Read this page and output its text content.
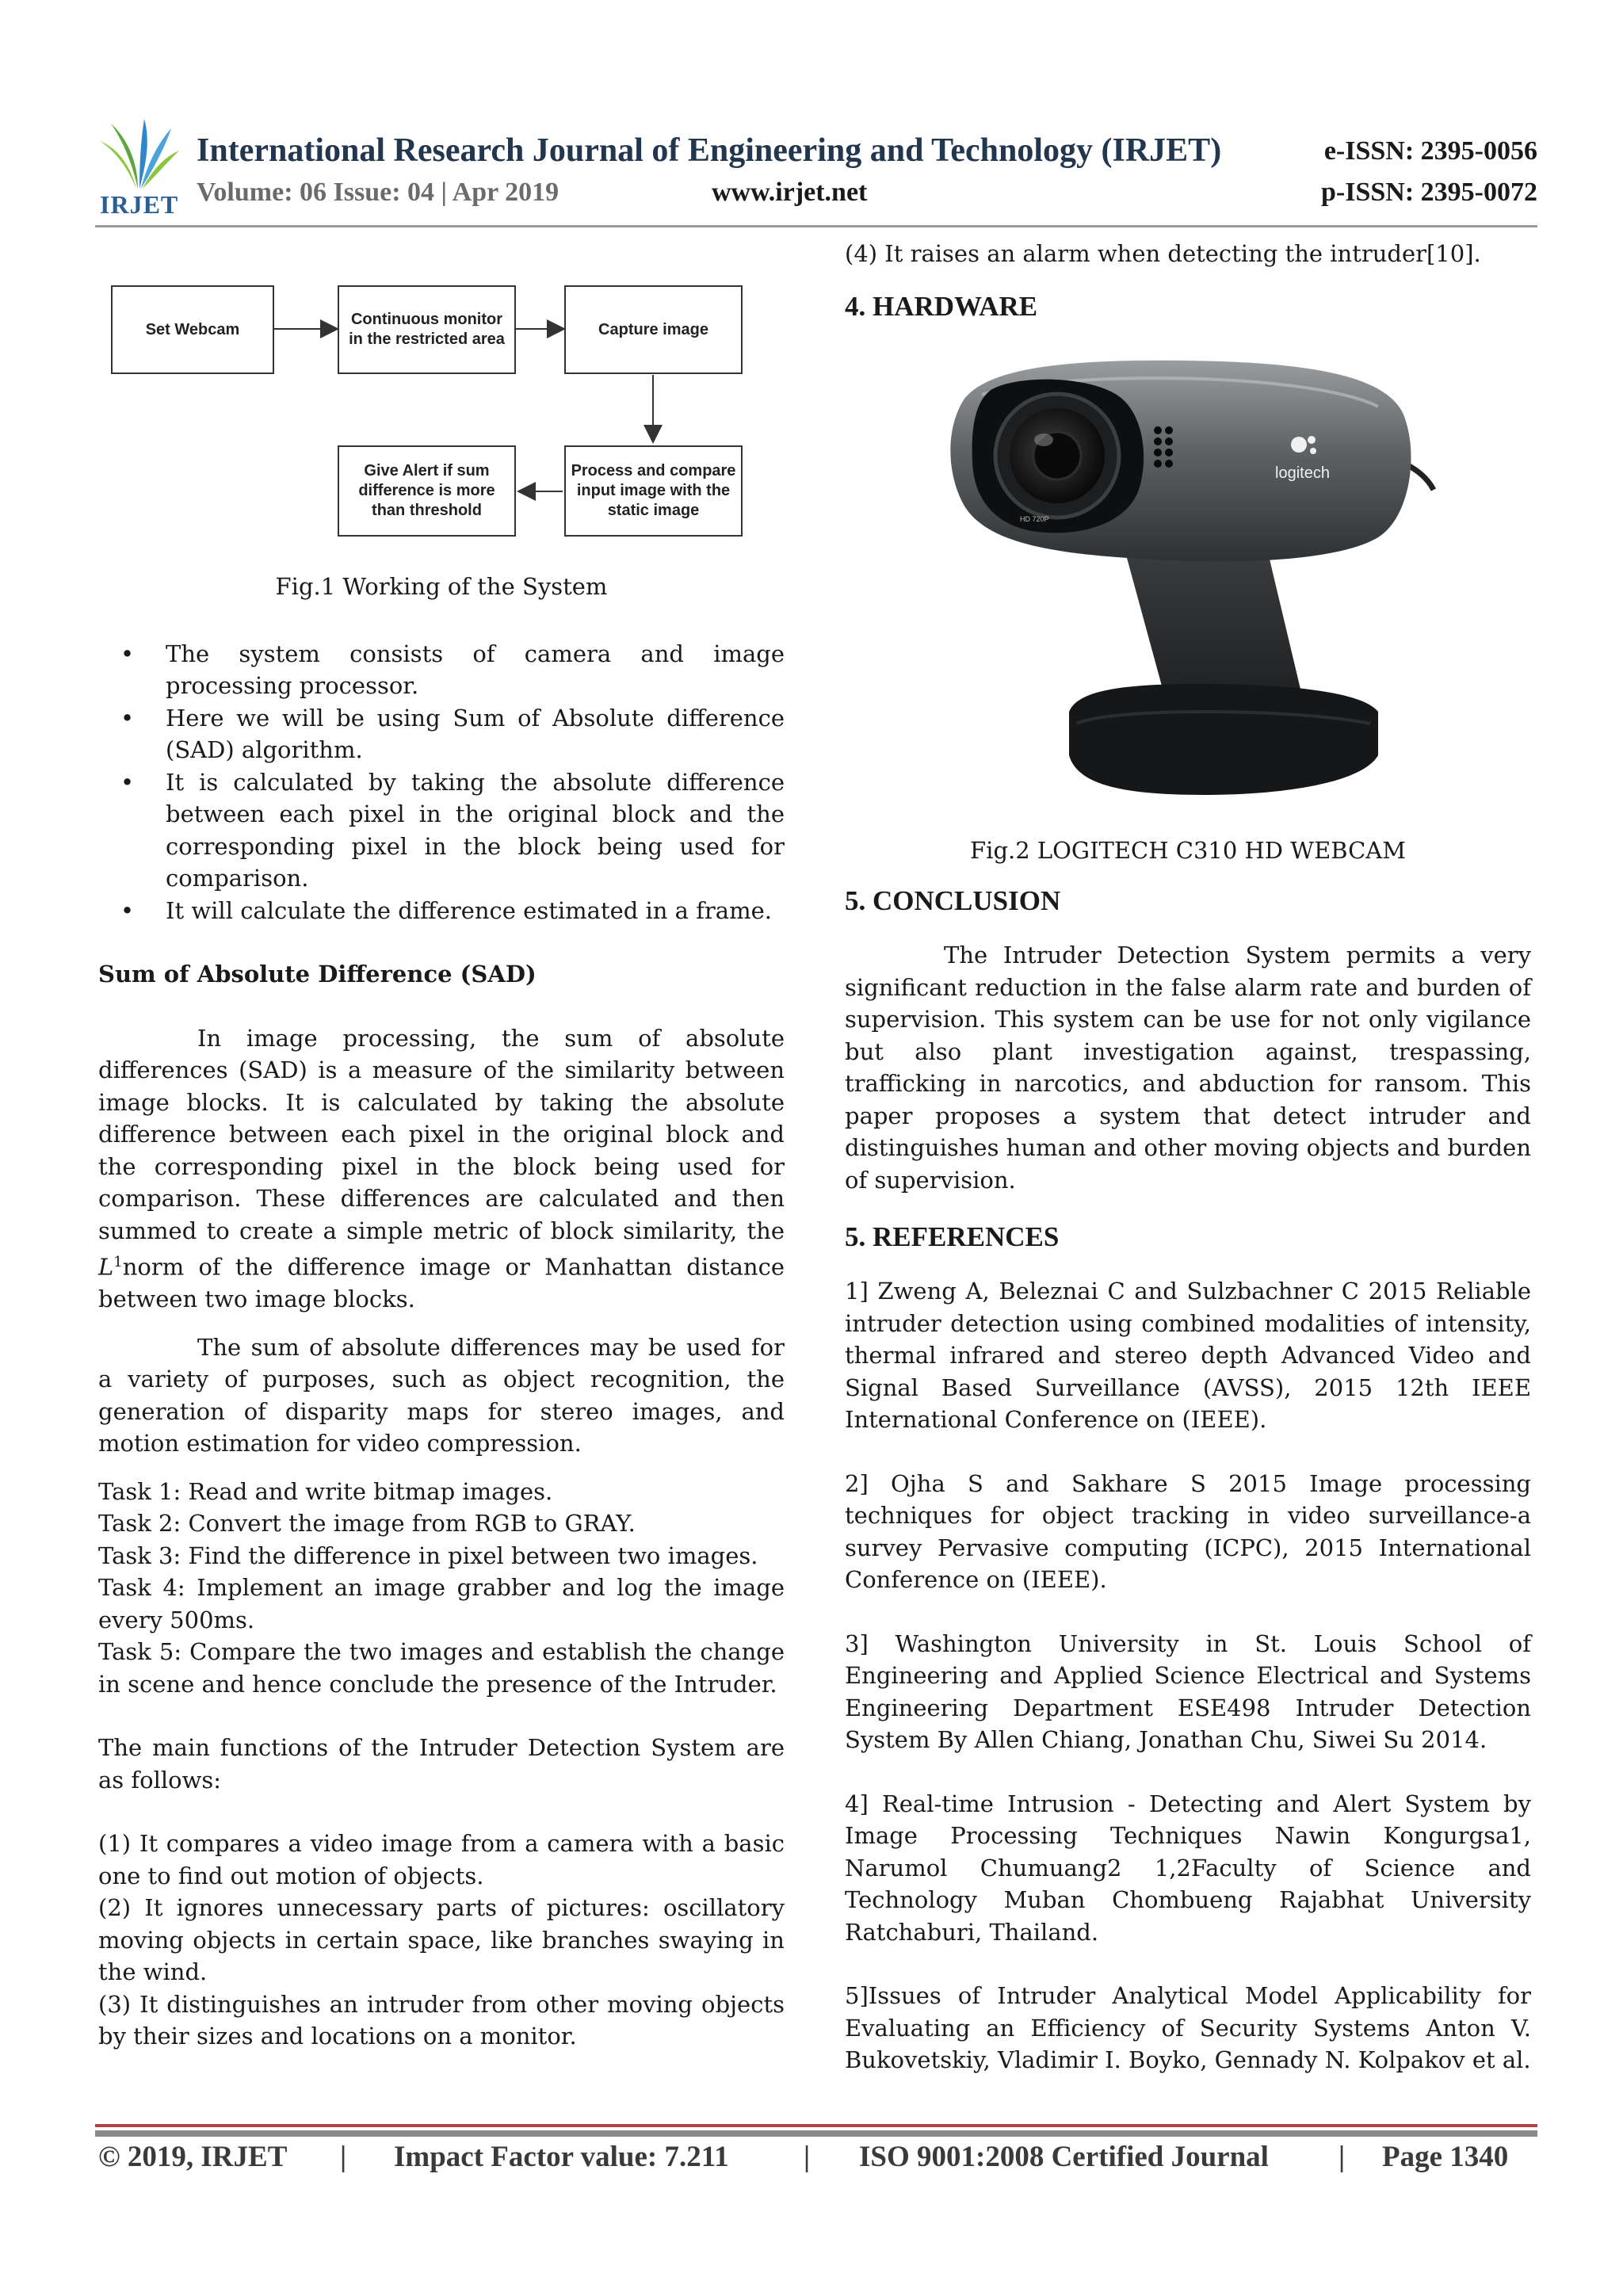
IRJET
International Research Journal of Engineering and Technology (IRJET)	e-ISSN: 2395-0056
Volume: 06 Issue: 04 | Apr 2019	www.irjet.net	p-ISSN: 2395-0072
Set Webcam
Continuous monitor in the restricted area
Capture image
Process and compare input image with the static image
Give Alert if sum difference is more than threshold
Fig.1 Working of the System
• The system consists of camera and image processing processor.
• Here we will be using Sum of Absolute difference (SAD) algorithm.
• It is calculated by taking the absolute difference between each pixel in the original block and the corresponding pixel in the block being used for comparison.
• It will calculate the difference estimated in a frame.
Sum of Absolute Difference (SAD)

In image processing, the sum of absolute differences (SAD) is a measure of the similarity between image blocks. It is calculated by taking the absolute difference between each pixel in the original block and the corresponding pixel in the block being used for comparison. These differences are calculated and then summed to create a simple metric of block similarity, the $L^1norm$ of the difference image or Manhattan distance between two image blocks.

The sum of absolute differences may be used for a variety of purposes, such as object recognition, the generation of disparity maps for stereo images, and motion estimation for video compression.

Task 1: Read and write bitmap images.
Task 2: Convert the image from RGB to GRAY.
Task 3: Find the difference in pixel between two images.
Task 4: Implement an image grabber and log the image every 500ms.
Task 5: Compare the two images and establish the change in scene and hence conclude the presence of the Intruder.

The main functions of the Intruder Detection System are as follows:

(1) It compares a video image from a camera with a basic one to find out motion of objects.
(2) It ignores unnecessary parts of pictures: oscillatory moving objects in certain space, like branches swaying in the wind.
(3) It distinguishes an intruder from other moving objects by their sizes and locations on a monitor.
(4) It raises an alarm when detecting the intruder[10].
4. HARDWARE
HD 720P
logitech
Fig.2 LOGITECH C310 HD WEBCAM
5. CONCLUSION

The Intruder Detection System permits a very significant reduction in the false alarm rate and burden of supervision. This system can be use for not only vigilance but also plant investigation against, trespassing, trafficking in narcotics, and abduction for ransom. This paper proposes a system that detect intruder and distinguishes human and other moving objects and burden of supervision.

5. REFERENCES
1] Zweng A, Beleznai C and Sulzbachner C 2015 Reliable intruder detection using combined modalities of intensity, thermal infrared and stereo depth Advanced Video and Signal Based Surveillance (AVSS), 2015 12th IEEE International Conference on (IEEE).
2] Ojha S and Sakhare S 2015 Image processing techniques for object tracking in video surveillance-a survey Pervasive computing (ICPC), 2015 International Conference on (IEEE).
3] Washington University in St. Louis School of Engineering and Applied Science Electrical and Systems Engineering Department ESE498 Intruder Detection System By Allen Chiang, Jonathan Chu, Siwei Su 2014.
4] Real-time Intrusion - Detecting and Alert System by Image Processing Techniques Nawin Kongurgsa1, Narumol Chumuang2 1,2Faculty of Science and Technology Muban Chombueng Rajabhat University Ratchaburi, Thailand.
5]Issues of Intruder Analytical Model Applicability for Evaluating an Efficiency of Security Systems Anton V. Bukovetskiy, Vladimir I. Boyko, Gennady N. Kolpakov et al.
© 2019, IRJET | Impact Factor value: 7.211	| ISO 9001:2008 Certified Journal | Page 1340
